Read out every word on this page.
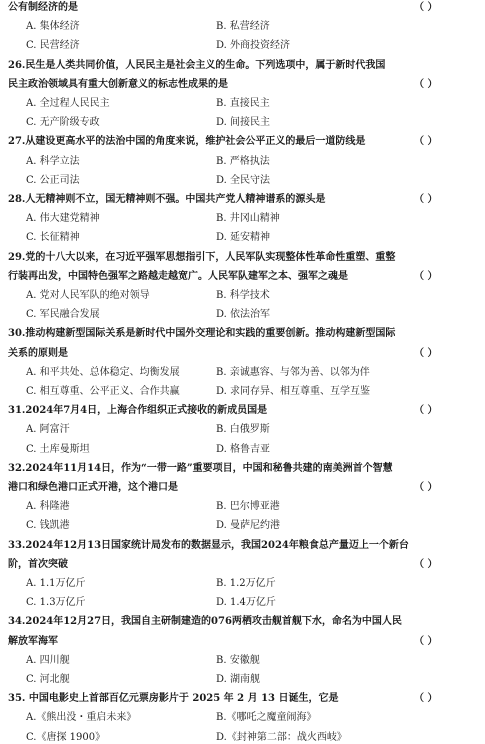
公有制经济的是	（ ）
A. 集体经济	B. 私营经济
C. 民营经济	D. 外商投资经济
26.民生是人类共同价值，人民民主是社会主义的生命。下列选项中，属于新时代我国
民主政治领域具有重大创新意义的标志性成果的是	（ ）
A. 全过程人民民主	B. 直接民主
C. 无产阶级专政	D. 间接民主
27.从建设更高水平的法治中国的角度来说，维护社会公平正义的最后一道防线是	（ ）
A. 科学立法	B. 严格执法
C. 公正司法	D. 全民守法
28.人无精神则不立，国无精神则不强。中国共产党人精神谱系的源头是	（ ）
A. 伟大建党精神	B. 井冈山精神
C. 长征精神	D. 延安精神
29.党的十八大以来，在习近平强军思想指引下，人民军队实现整体性革命性重塑、重整
行装再出发，中国特色强军之路越走越宽广。人民军队建军之本、强军之魂是	（ ）
A. 党对人民军队的绝对领导	B. 科学技术
C. 军民融合发展	D. 依法治军
30.推动构建新型国际关系是新时代中国外交理论和实践的重要创新。推动构建新型国际
关系的原则是	（ ）
A. 和平共处、总体稳定、均衡发展	B. 亲诚惠容、与邻为善、以邻为伴
C. 相互尊重、公平正义、合作共赢	D. 求同存异、相互尊重、互学互鉴
31.2024年7月4日，上海合作组织正式接收的新成员国是	（ ）
A. 阿富汗	B. 白俄罗斯
C. 土库曼斯坦	D. 格鲁吉亚
32.2024年11月14日，作为“一带一路”重要项目，中国和秘鲁共建的南美洲首个智慧
港口和绿色港口正式开港，这个港口是	（ ）
A. 科隆港	B. 巴尔博亚港
C. 钱凯港	D. 曼萨尼约港
33.2024年12月13日国家统计局发布的数据显示，我国2024年粮食总产量迈上一个新台
阶，首次突破	（ ）
A. 1.1万亿斤	B. 1.2万亿斤
C. 1.3万亿斤	D. 1.4万亿斤
34.2024年12月27日，我国自主研制建造的076两栖攻击舰首舰下水，命名为中国人民
解放军海军	（ ）
A. 四川舰	B. 安徽舰
C. 河北舰	D. 湖南舰
35. 中国电影史上首部百亿元票房影片于 2025 年 2 月 13 日诞生，它是	（ ）
A.《熊出没・重启未来》	B.《哪吒之魔童闹海》
C.《唐探 1900》	D.《封神第二部：战火西岐》
